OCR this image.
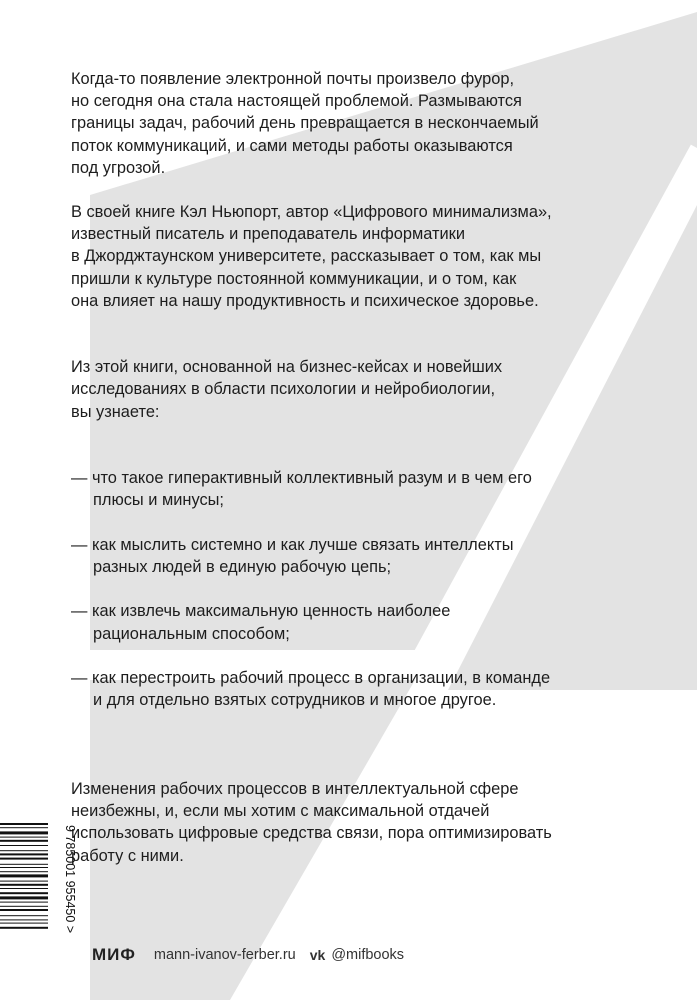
Когда-то появление электронной почты произвело фурор,
но сегодня она стала настоящей проблемой. Размываются
границы задач, рабочий день превращается в нескончаемый
поток коммуникаций, и сами методы работы оказываются
под угрозой.

В своей книге Кэл Ньюпорт, автор «Цифрового минимализма»,
известный писатель и преподаватель информатики
в Джорджтаунском университете, рассказывает о том, как мы
пришли к культуре постоянной коммуникации, и о том, как
она влияет на нашу продуктивность и психическое здоровье.

Из этой книги, основанной на бизнес-кейсах и новейших
исследованиях в области психологии и нейробиологии,
вы узнаете:

— что такое гиперактивный коллективный разум и в чем его
плюсы и минусы;

— как мыслить системно и как лучше связать интеллекты
разных людей в единую рабочую цепь;

— как извлечь максимальную ценность наиболее
рациональным способом;

— как перестроить рабочий процесс в организации, в команде
и для отдельно взятых сотрудников и многое другое.

Изменения рабочих процессов в интеллектуальной сфере
неизбежны, и, если мы хотим с максимальной отдачей
использовать цифровые средства связи, пора оптимизировать
работу с ними.

9 785001 955450 >
МИФ mann-ivanov-ferber.ru vk @mifbooks
